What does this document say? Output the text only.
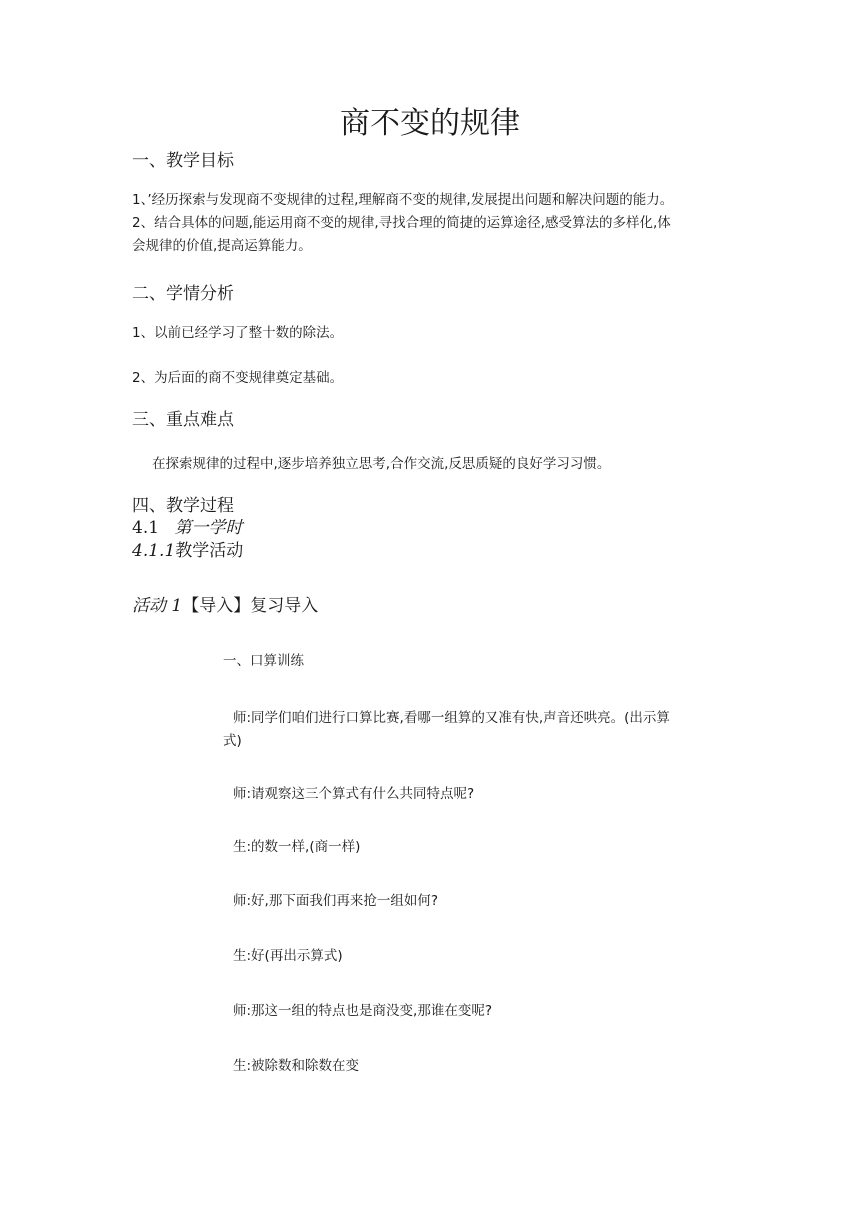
商不变的规律
一、教学目标
1、’经历探索与发现商不变规律的过程,理解商不变的规律,发展提出问题和解决问题的能力。
2、结合具体的问题,能运用商不变的规律,寻找合理的简捷的运算途径,感受算法的多样化,体
会规律的价值,提高运算能力。
二、学情分析
1、以前已经学习了整十数的除法。
2、为后面的商不变规律奠定基础。
三、重点难点
在探索规律的过程中,逐步培养独立思考,合作交流,反思质疑的良好学习习惯。
四、教学过程
4.1 第一学时
4.1.1教学活动
活动 1【导入】复习导入
一、口算训练
师:同学们咱们进行口算比赛,看哪一组算的又准有快,声音还哄亮。(出示算
式)
师:请观察这三个算式有什么共同特点呢?
生:的数一样,(商一样)
师:好,那下面我们再来抢一组如何?
生:好(再出示算式)
师:那这一组的特点也是商没变,那谁在变呢?
生:被除数和除数在变
